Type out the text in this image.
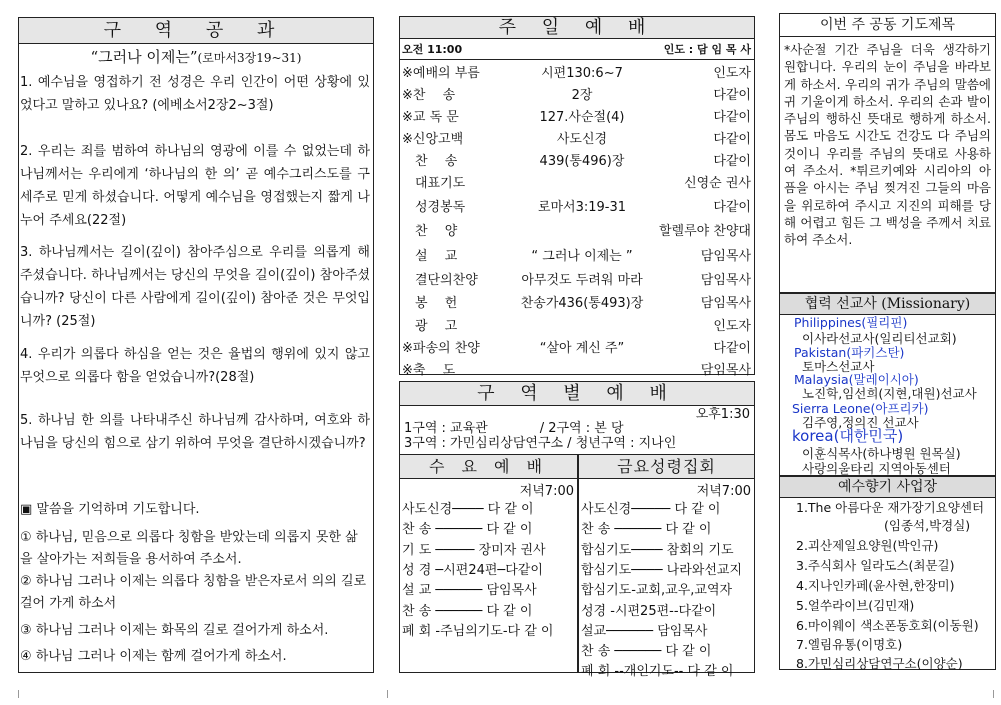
구 역 공 과
“그러나 이제는”(로마서3장19~31)
1. 예수님을 영접하기 전 성경은 우리 인간이 어떤 상황에 있었다고 말하고 있나요? (에베소서2장2~3절)
2. 우리는 죄를 범하여 하나님의 영광에 이를 수 없었는데 하나님께서는 우리에게 ‘하나님의 한 의’ 곧 예수그리스도를 구세주로 믿게 하셨습니다. 어떻게 예수님을 영접했는지 짧게 나누어 주세요(22절)
3. 하나님께서는 길이(깊이) 참아주심으로 우리를 의롭게 해 주셨습니다. 하나님께서는 당신의 무엇을 길이(깊이) 참아주셨습니까? 당신이 다른 사람에게 길이(깊이) 참아준 것은 무엇입니까? (25절)
4. 우리가 의롭다 하심을 얻는 것은 율법의 행위에 있지 않고 무엇으로 의롭다 함을 얻었습니까?(28절)
5. 하나님 한 의를 나타내주신 하나님께 감사하며, 여호와 하나님을 당신의 힘으로 삼기 위하여 무엇을 결단하시겠습니까?
▣ 말씀을 기억하며 기도합니다.
① 하나님, 믿음으로 의롭다 칭함을 받았는데 의롭지 못한 삶을 살아가는 저희들을 용서하여 주소서.
② 하나님 그러나 이제는 의롭다 칭함을 받은자로서 의의 길로 걸어 가게 하소서
③ 하나님 그러나 이제는 화목의 길로 걸어가게 하소서.
④ 하나님 그러나 이제는 함께 걸어가게 하소서.
주 일 예 배
오전 11:00	인도 : 담 임 목 사
※예배의 부름	시편130:6~7	인도자
※찬　 송	2장	다같이
※교 독 문	127.사순절(4)	다같이
※신앙고백	사도신경	다같이
　찬　 송	439(통496)장	다같이
　대표기도	신영순 권사
　성경봉독	로마서3:19-31	다같이
　찬　 양	할렐루야 찬양대
　설　 교	“ 그러나 이제는 ”	담임목사
　결단의찬양	아무것도 두려워 마라	담임목사
　봉　 헌	찬송가436(통493)장	담임목사
　광　 고	인도자
※파송의 찬양	“살아 계신 주”	다같이
※축　 도	담임목사
구 역 별 예 배
오후1:30
1구역 : 교육관　　　　/ 2구역 : 본 당
3구역 : 가민심리상담연구소 / 청년구역 : 지나인
수 요 예 배
저녁7:00
사도신경──── 다 같 이
찬 송 ────── 다 같 이
기 도 ───── 장미자 권사
성 경 ─시편24편─다같이
설 교 ────── 담임목사
찬 송 ────── 다 같 이
폐 회 -주님의기도-다 같 이
금요성령집회
저녁7:00
사도신경───── 다 같 이
찬 송 ────── 다 같 이
합심기도──── 참회의 기도
합심기도──── 나라와선교지
합심기도-교회,교우,교역자
성경 -시편25편--다같이
설교────── 담임목사
찬 송 ────── 다 같 이
폐 회 --개인기도-- 다 같 이
이번 주 공동 기도제목
*사순절 기간 주님을 더욱 생각하기 원합니다. 우리의 눈이 주님을 바라보게 하소서. 우리의 귀가 주님의 말씀에 귀 기울이게 하소서. 우리의 손과 발이 주님의 행하신 뜻대로 행하게 하소서. 몸도 마음도 시간도 건강도 다 주님의 것이니 우리를 주님의 뜻대로 사용하여 주소서. *튀르키예와 시리아의 아픔을 아시는 주님 찢겨진 그들의 마음을 위로하여 주시고 지진의 피해를 당해 어렵고 힘든 그 백성을 주께서 치료하여 주소서.
협력 선교사 (Missionary)
Philippines(필리핀)
이사라선교사(일리티선교회)
Pakistan(파키스탄)
토마스선교사
Malaysia(말레이시아)
노진학,임선희(지현,대원)선교사
Sierra Leone(아프리카)
김주영,정의진 선교사
korea(대한민국)
이훈식목사(하나병원 원목실)
사랑의울타리 지역아동센터
예수향기 사업장
1.The 아름다운 재가장기요양센터
(임종석,박경실)
2.괴산제일요양원(박인규)
3.주식회사 일라도스(최문길)
4.지나인카페(윤사현,한장미)
5.얼쑤라이브(김민재)
6.마이웨이 색소폰동호회(이동원)
7.엘림유통(이명호)
8.가민심리상담연구소(이양순)
